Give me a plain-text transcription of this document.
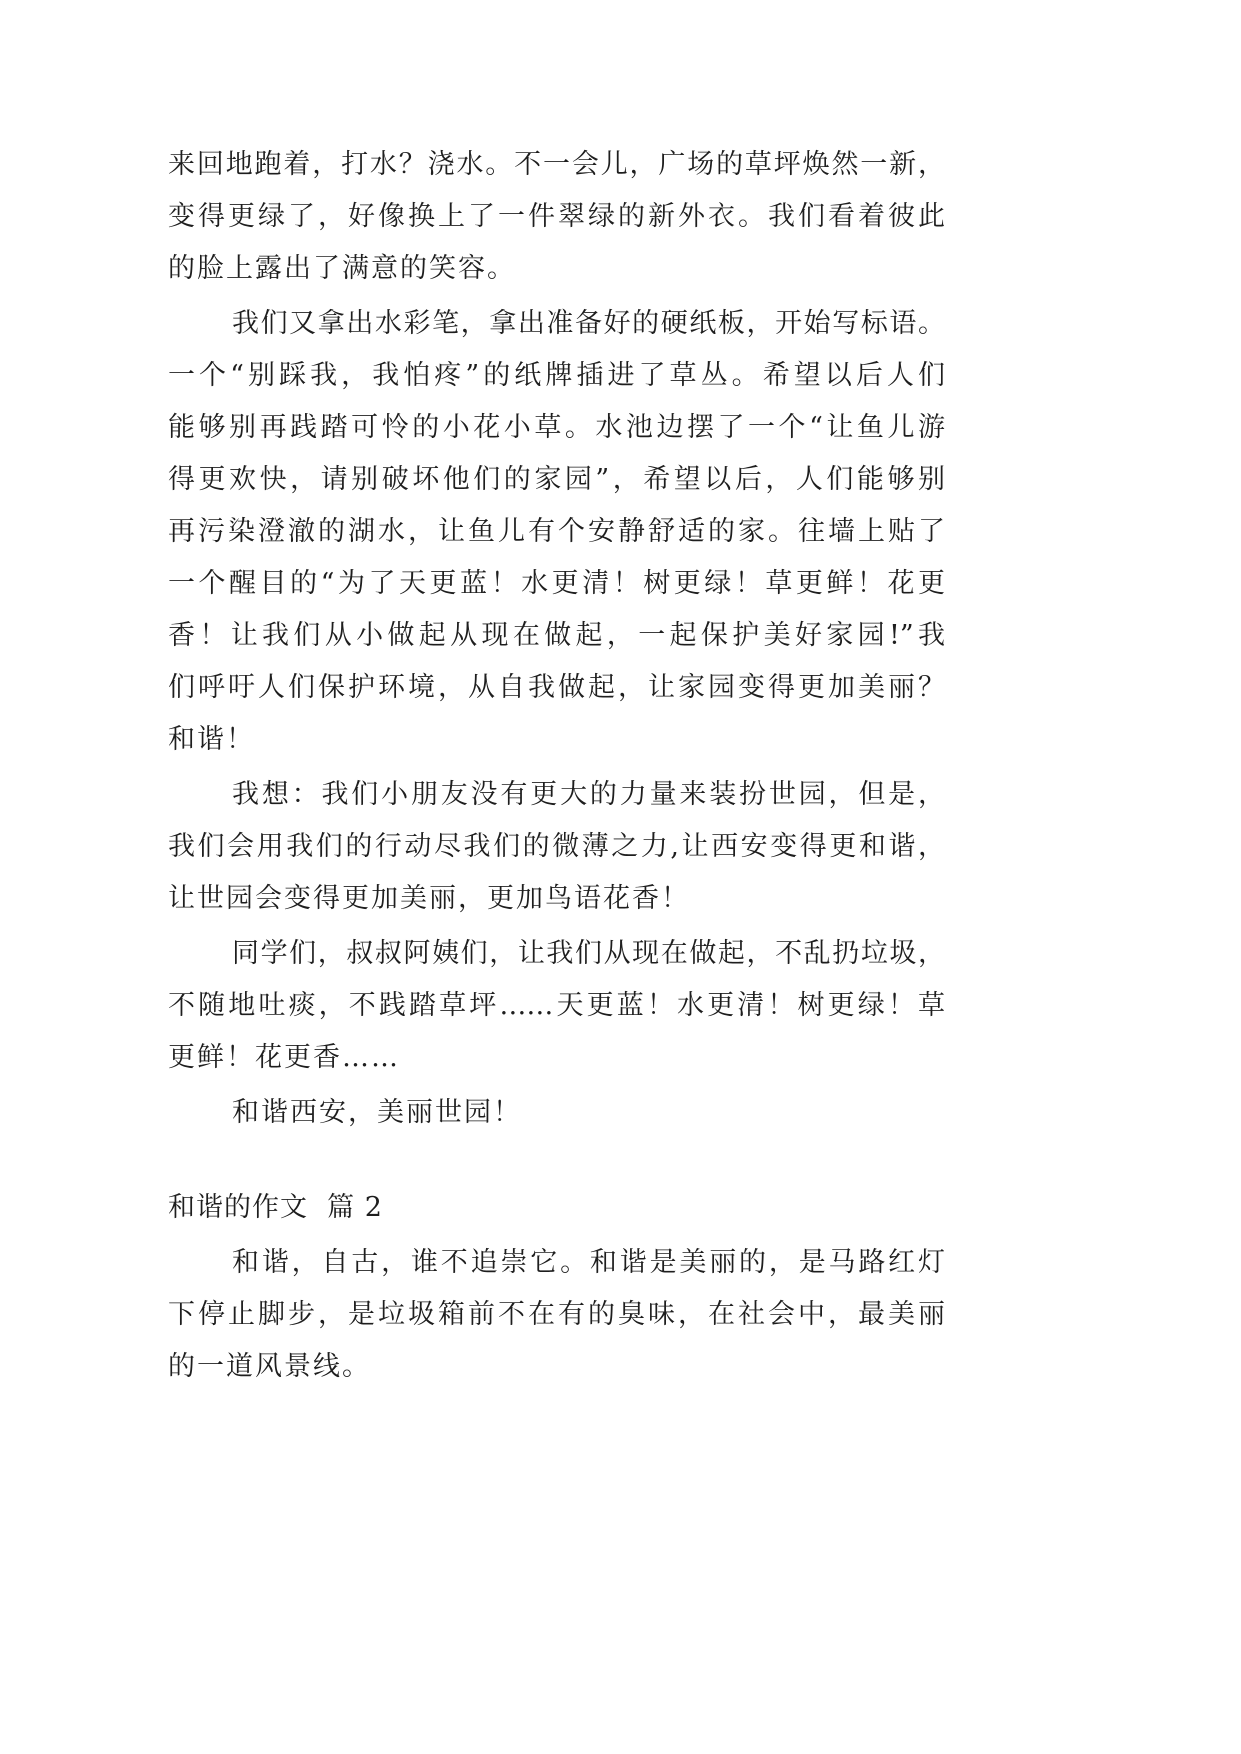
来回地跑着，打水？浇水。不一会儿，广场的草坪焕然一新，
变得更绿了，好像换上了一件翠绿的新外衣。我们看着彼此
的脸上露出了满意的笑容。
我们又拿出水彩笔，拿出准备好的硬纸板，开始写标语。
一个“别踩我，我怕疼”的纸牌插进了草丛。希望以后人们
能够别再践踏可怜的小花小草。水池边摆了一个“让鱼儿游
得更欢快，请别破坏他们的家园”，希望以后，人们能够别
再污染澄澈的湖水，让鱼儿有个安静舒适的家。往墙上贴了
一个醒目的“为了天更蓝！水更清！树更绿！草更鲜！花更
香！让我们从小做起从现在做起，一起保护美好家园!”我
们呼吁人们保护环境，从自我做起，让家园变得更加美丽？
和谐！
我想：我们小朋友没有更大的力量来装扮世园，但是，
我们会用我们的行动尽我们的微薄之力,让西安变得更和谐，
让世园会变得更加美丽，更加鸟语花香！
同学们，叔叔阿姨们，让我们从现在做起，不乱扔垃圾，
不随地吐痰，不践踏草坪……天更蓝！水更清！树更绿！草
更鲜！花更香……
和谐西安，美丽世园！
和谐的作文  篇 2
和谐，自古，谁不追崇它。和谐是美丽的，是马路红灯
下停止脚步，是垃圾箱前不在有的臭味，在社会中，最美丽
的一道风景线。
